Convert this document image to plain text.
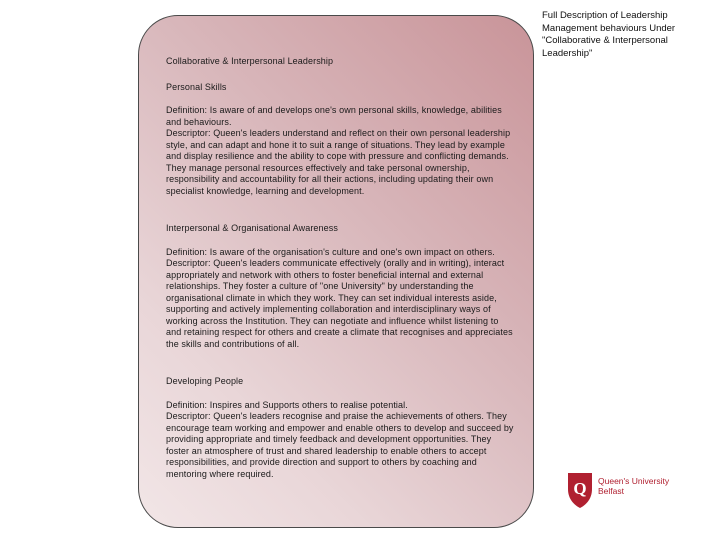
Collaborative & Interpersonal Leadership
Personal Skills

Definition: Is aware of and develops one's own personal skills, knowledge, abilities and behaviours.

Descriptor: Queen's leaders understand and reflect on their own personal leadership style, and can adapt and hone it to suit a range of situations. They lead by example and display resilience and the ability to cope with pressure and conflicting demands.
They manage personal resources effectively and take personal ownership, responsibility and accountability for all their actions, including updating their own specialist knowledge, learning and development.

Interpersonal & Organisational Awareness

Definition: Is aware of the organisation's culture and one's own impact on others.

Descriptor: Queen's leaders communicate effectively (orally and in writing), interact appropriately and network with others to foster beneficial internal and external relationships. They foster a culture of "one University" by understanding the organisational climate in which they work. They can set individual interests aside, supporting and actively implementing collaboration and interdisciplinary ways of working across the Institution. They can negotiate and influence whilst listening to and retaining respect for others and create a climate that recognises and appreciates the skills and contributions of all.

Developing People

Definition: Inspires and Supports others to realise potential.

Descriptor: Queen's leaders recognise and praise the achievements of others. They encourage team working and empower and enable others to develop and succeed by providing appropriate and timely feedback and development opportunities. They foster an atmosphere of trust and shared leadership to enable others to accept responsibilities, and provide direction and support to others by coaching and mentoring where required.

Full Description of Leadership Management behaviours Under "Collaborative & Interpersonal Leadership"
Q Queen's University
Belfast
